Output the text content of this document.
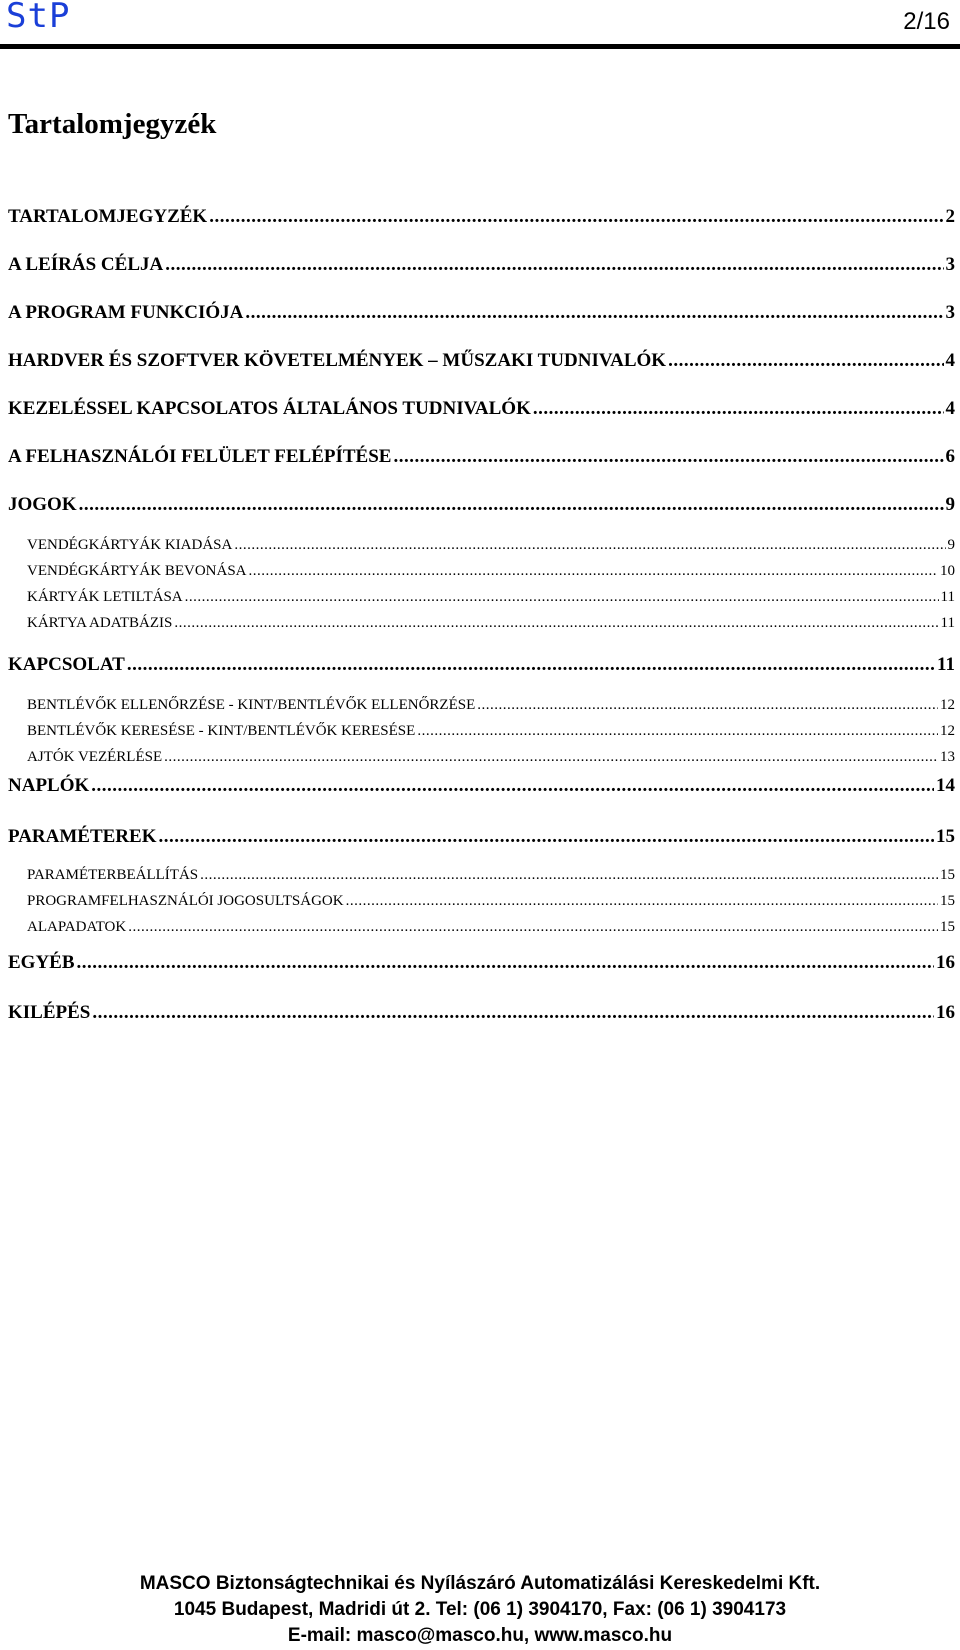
StP	2/16
Tartalomjegyzék
TARTALOMJEGYZÉK .....	2
A LEÍRÁS CÉLJA .....	3
A PROGRAM FUNKCIÓJA .....	3
HARDVER ÉS SZOFTVER KÖVETELMÉNYEK – MŰSZAKI TUDNIVALÓK .....	4
KEZELÉSSEL KAPCSOLATOS ÁLTALÁNOS TUDNIVALÓK .....	4
A FELHASZNÁLÓI FELÜLET FELÉPÍTÉSE .....	6
JOGOK .....	9
VENDÉGKÁRTYÁK KIADÁSA .....	9
VENDÉGKÁRTYÁK BEVONÁSA .....	10
KÁRTYÁK LETILTÁSA .....	11
KÁRTYA ADATBÁZIS .....	11
KAPCSOLAT .....	11
BENTLÉVŐK ELLENŐRZÉSE - KINT/BENTLÉVŐK ELLENŐRZÉSE .....	12
BENTLÉVŐK KERESÉSE - KINT/BENTLÉVŐK KERESÉSE .....	12
AJTÓK VEZÉRLÉSE .....	13
NAPLÓK .....	14
PARAMÉTEREK .....	15
PARAMÉTERBEÁLLÍTÁS .....	15
PROGRAMFELHASZNÁLÓI JOGOSULTSÁGOK .....	15
ALAPADATOK .....	15
EGYÉB .....	16
KILÉPÉS .....	16
MASCO Biztonságtechnikai és Nyílászáró Automatizálási Kereskedelmi Kft.
1045 Budapest, Madridi út 2. Tel: (06 1) 3904170, Fax: (06 1) 3904173
E-mail: masco@masco.hu, www.masco.hu
